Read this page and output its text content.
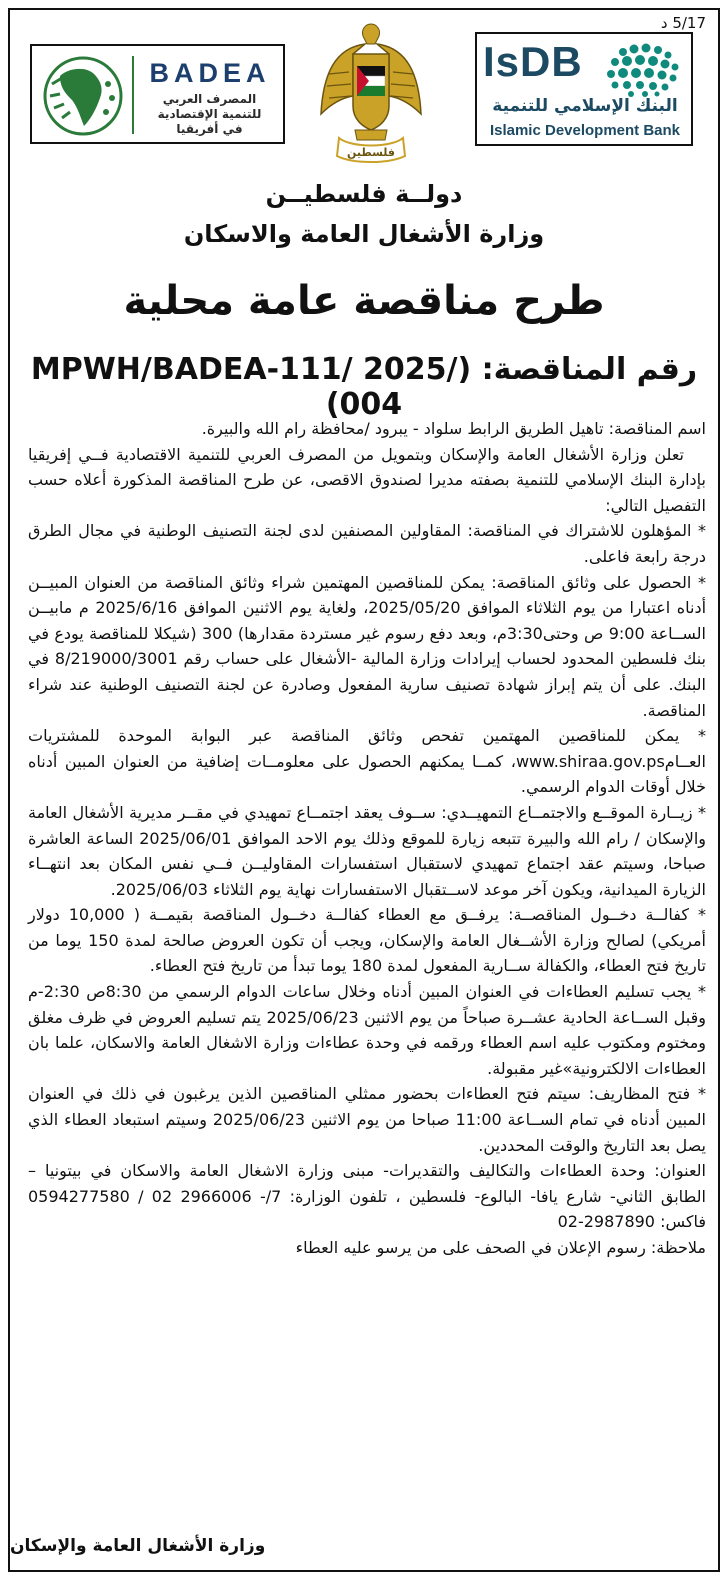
5/17 د
BADEA
المصرف العربي
للتنمية الإقتصادية
في أفريقيا
فلسطين
IsDB
البنك الإسلامي للتنمية
Islamic Development Bank
دولــة فلسطيــن
وزارة الأشغال العامة والاسكان
طرح مناقصة عامة محلية
رقم المناقصة: (MPWH/BADEA-111/ 2025/ 004)

اسم المناقصة: تاهيل الطريق الرابط سلواد - يبرود /محافظة رام الله والبيرة.

تعلن وزارة الأشغال العامة والإسكان وبتمويل من المصرف العربي للتنمية الاقتصادية فــي إفريقيا بإدارة البنك الإسلامي للتنمية بصفته مديرا لصندوق الاقصى، عن طرح المناقصة المذكورة أعلاه حسب التفصيل التالي:

* المؤهلون للاشتراك في المناقصة: المقاولين المصنفين لدى لجنة التصنيف الوطنية في مجال الطرق درجة رابعة فاعلى.

* الحصول على وثائق المناقصة: يمكن للمناقصين المهتمين شراء وثائق المناقصة من العنوان المبيــن أدناه اعتبارا من يوم الثلاثاء الموافق 2025/05/20، ولغاية يوم الاثنين الموافق 2025/6/16 م مابيــن الســاعة 9:00 ص وحتى3:30م، وبعد دفع رسوم غير مستردة مقدارها) 300 (شيكلا للمناقصة يودع في بنك فلسطين المحدود لحساب إيرادات وزارة المالية -الأشغال على حساب رقم 8/219000/3001 في البنك. على أن يتم إبراز شهادة تصنيف سارية المفعول وصادرة عن لجنة التصنيف الوطنية عند شراء المناقصة.

* يمكن للمناقصين المهتمين تفحص وثائق المناقصة عبر البوابة الموحدة للمشتريات العــامwww.shiraa.gov.ps، كمــا يمكنهم الحصول على معلومــات إضافية من العنوان المبين أدناه خلال أوقات الدوام الرسمي.

* زيــارة الموقــع والاجتمــاع التمهيــدي: ســوف يعقد اجتمــاع تمهيدي في مقــر مديرية الأشغال العامة والإسكان / رام الله والبيرة تتبعه زيارة للموقع وذلك يوم الاحد الموافق 2025/06/01 الساعة العاشرة صباحا، وسيتم عقد اجتماع تمهيدي لاستقبال استفسارات المقاوليــن فــي نفس المكان بعد انتهــاء الزيارة الميدانية، ويكون آخر موعد لاســتقبال الاستفسارات نهاية يوم الثلاثاء 2025/06/03.

* كفالــة دخــول المناقصــة: يرفــق مع العطاء كفالــة دخــول المناقصة بقيمــة ( 10,000 دولار أمريكي) لصالح وزارة الأشــغال العامة والإسكان، ويجب أن تكون العروض صالحة لمدة 150 يوما من تاريخ فتح العطاء، والكفالة ســارية المفعول لمدة 180 يوما تبدأ من تاريخ فتح العطاء.

* يجب تسليم العطاءات في العنوان المبين أدناه وخلال ساعات الدوام الرسمي من 8:30ص 2:30-م وقبل الســاعة الحادية عشــرة صباحاً من يوم الاثنين 2025/06/23 يتم تسليم العروض في ظرف مغلق ومختوم ومكتوب عليه اسم العطاء ورقمه في وحدة عطاءات وزارة الاشغال العامة والاسكان، علما بان العطاءات الالكترونية»غير مقبولة.

* فتح المظاريف: سيتم فتح العطاءات بحضور ممثلي المناقصين الذين يرغبون في ذلك في العنوان المبين أدناه في تمام الســاعة 11:00 صباحا من يوم الاثنين 2025/06/23 وسيتم استبعاد العطاء الذي يصل بعد التاريخ والوقت المحددين.

العنوان: وحدة العطاءات والتكاليف والتقديرات- مبنى وزارة الاشغال العامة والاسكان في بيتونيا – الطابق الثاني- شارع يافا- البالوع- فلسطين ، تلفون الوزارة: 7/- 2966006 02 / 0594277580 فاكس: 2987890-02

ملاحظة: رسوم الإعلان في الصحف على من يرسو عليه العطاء

وزارة الأشغال العامة والإسكان
